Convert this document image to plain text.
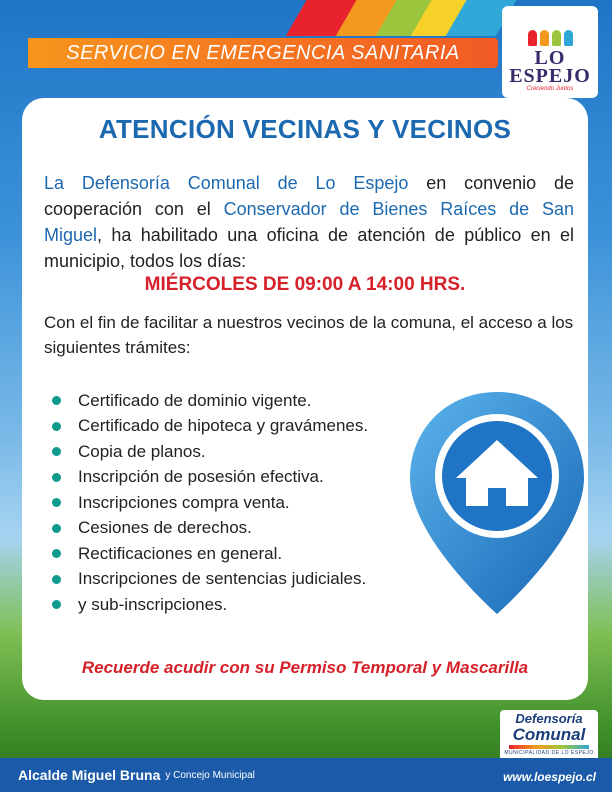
SERVICIO EN EMERGENCIA SANITARIA	LO
ESPEJO
Creciendo Juntos
ATENCIÓN VECINAS Y VECINOS

La Defensoría Comunal de Lo Espejo en convenio de cooperación con el Conservador de Bienes Raíces de San Miguel, ha habilitado una oficina de atención de público en el municipio, todos los días:

MIÉRCOLES DE 09:00 A 14:00 HRS.

Con el fin de facilitar a nuestros vecinos de la comuna, el acceso a los siguientes trámites:

Certificado de dominio vigente.
Certificado de hipoteca y gravámenes.
Copia de planos.
Inscripción de posesión efectiva.
Inscripciones compra venta.
Cesiones de derechos.
Rectificaciones en general.
Inscripciones de sentencias judiciales.
y sub-inscripciones.
Recuerde acudir con su Permiso Temporal y Mascarilla
Defensoría
Comunal
MUNICIPALIDAD DE LO ESPEJO
Alcalde Miguel Bruna y Concejo Municipal	www.loespejo.cl
